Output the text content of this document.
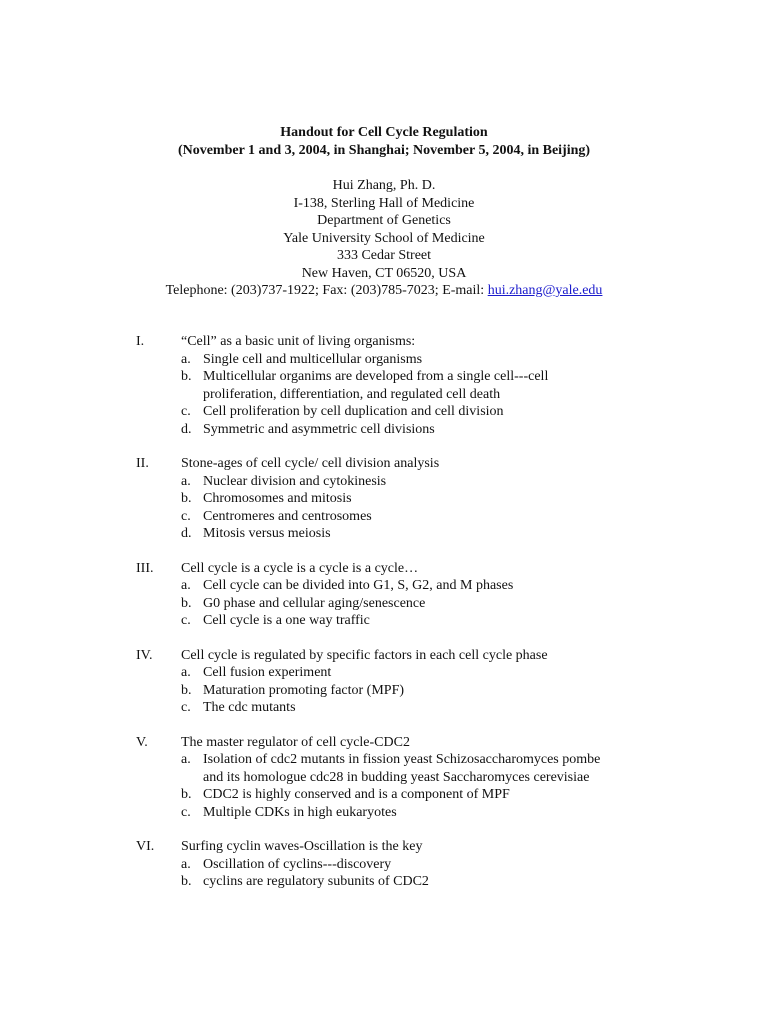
Handout for Cell Cycle Regulation
(November 1 and 3, 2004, in Shanghai; November 5, 2004, in Beijing)
Hui Zhang, Ph. D.
I-138, Sterling Hall of Medicine
Department of Genetics
Yale University School of Medicine
333 Cedar Street
New Haven, CT 06520, USA
Telephone: (203)737-1922; Fax: (203)785-7023; E-mail: hui.zhang@yale.edu
I.	“Cell” as a basic unit of living organisms:
a. Single cell and multicellular organisms
b. Multicellular organims are developed from a single cell---cell
proliferation, differentiation, and regulated cell death
c. Cell proliferation by cell duplication and cell division
d. Symmetric and asymmetric cell divisions
II. Stone-ages of cell cycle/ cell division analysis
a. Nuclear division and cytokinesis
b. Chromosomes and mitosis
c. Centromeres and centrosomes
d. Mitosis versus meiosis
III. Cell cycle is a cycle is a cycle is a cycle…
a. Cell cycle can be divided into G1, S, G2, and M phases
b. G0 phase and cellular aging/senescence
c. Cell cycle is a one way traffic
IV. Cell cycle is regulated by specific factors in each cell cycle phase
a. Cell fusion experiment
b. Maturation promoting factor (MPF)
c. The cdc mutants
V. The master regulator of cell cycle-CDC2
a. Isolation of cdc2 mutants in fission yeast Schizosaccharomyces pombe
and its homologue cdc28 in budding yeast Saccharomyces cerevisiae
b. CDC2 is highly conserved and is a component of MPF
c. Multiple CDKs in high eukaryotes
VI. Surfing cyclin waves-Oscillation is the key
a. Oscillation of cyclins---discovery
b. cyclins are regulatory subunits of CDC2
